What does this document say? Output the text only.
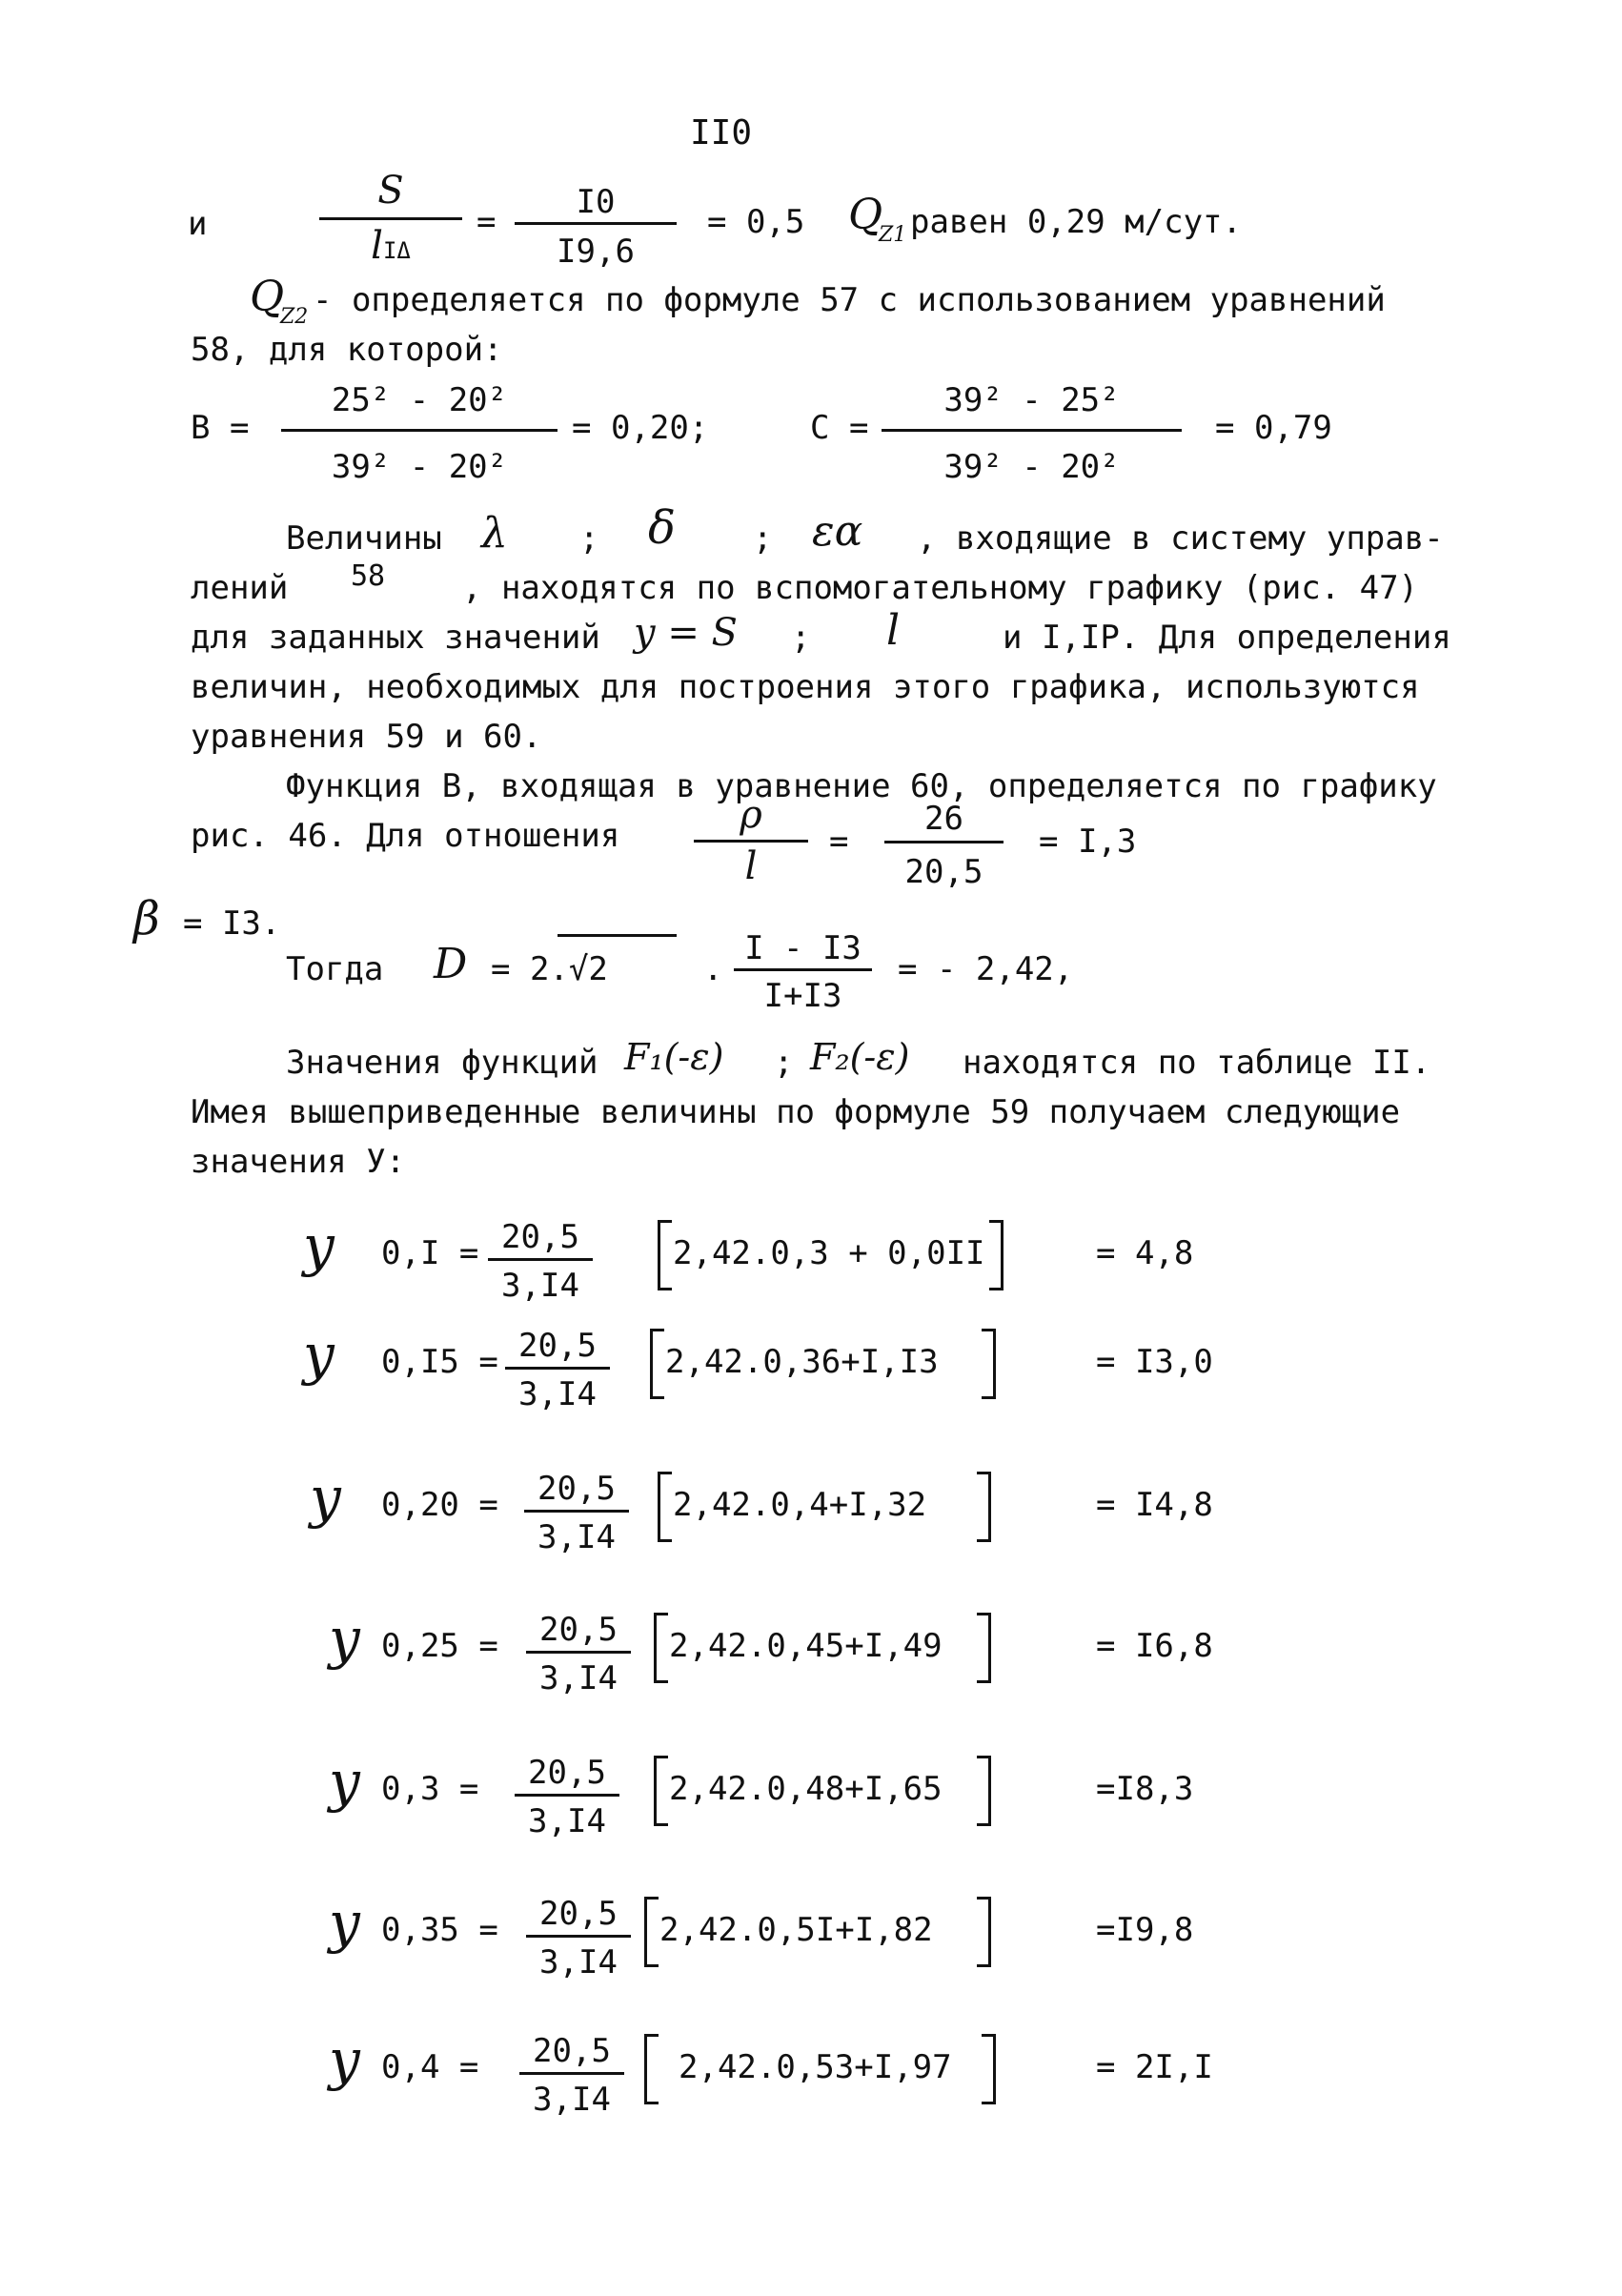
II0
и
S
lΙΔ
=
I0
I9,6
= 0,5 Q
Z1 равен 0,29 м/сут.
Q
Z2 - определяется по формуле 57 с использованием уравнений
58, для которой:
В =
25² - 20²
39² - 20²
= 0,20;	С =
39² - 25²
39² - 20²
= 0,79
Величины λ ; δ ; εα , входящие в систему управ-
лений 58 , находятся по вспомогательному графику (рис. 47)
для заданных значений y = S ; l	и I,IP. Для определения
величин, необходимых для построения этого графика, используются
уравнения 59 и 60.
Функция В, входящая в уравнение 60, определяется по графику
рис. 46. Для отношения	ρ
l
=
26
20,5
= I,3
β = I3.
Тогда D = 2.√2	.
I - I3
I+I3
= - 2,42,
Значения функций F₁(-ε) ; F₂(-ε) находятся по таблице II.
Имея вышеприведенные величины по формуле 59 получаем следующие
значения У:
y 0,I = 20,5
3,I4
2,42.0,3 + 0,0II	= 4,8
y 0,I5 = 20,5
3,I4
2,42.0,36+I,I3	= I3,0
y 0,20 =	20,5
3,I4
2,42.0,4+I,32	= I4,8
y 0,25 =	20,5
3,I4
2,42.0,45+I,49	= I6,8
y 0,3 =	20,5
3,I4
2,42.0,48+I,65	=I8,3
y 0,35 =	20,5
3,I4
2,42.0,5I+I,82	=I9,8
y 0,4 =	20,5
3,I4
2,42.0,53+I,97	= 2I,I
